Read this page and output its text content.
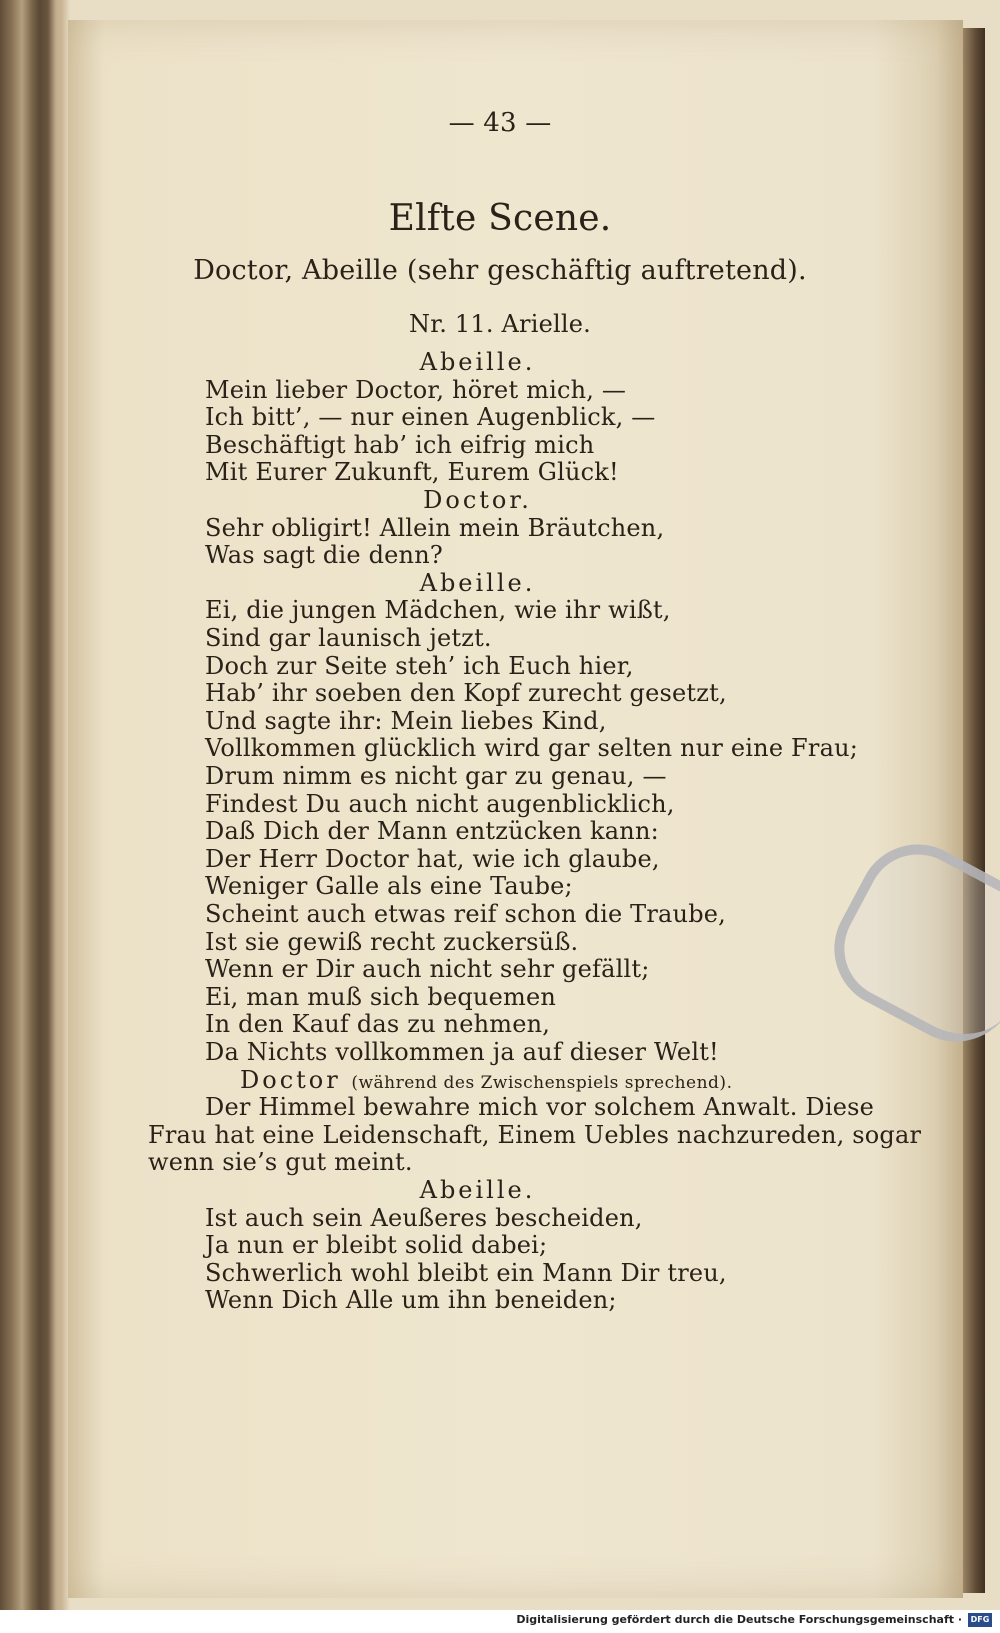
— 43 —
Elfte Scene.
Doctor, Abeille (sehr geschäftig auftretend).
Nr. 11. Arielle.
Abeille.
Mein lieber Doctor, höret mich, —
Ich bitt’, — nur einen Augenblick, —
Beschäftigt hab’ ich eifrig mich
Mit Eurer Zukunft, Eurem Glück!
Doctor.
Sehr obligirt! Allein mein Bräutchen,
Was sagt die denn?
Abeille.
Ei, die jungen Mädchen, wie ihr wißt,
Sind gar launisch jetzt.
Doch zur Seite steh’ ich Euch hier,
Hab’ ihr soeben den Kopf zurecht gesetzt,
Und sagte ihr: Mein liebes Kind,
Vollkommen glücklich wird gar selten nur eine Frau;
Drum nimm es nicht gar zu genau, —
Findest Du auch nicht augenblicklich,
Daß Dich der Mann entzücken kann:
Der Herr Doctor hat, wie ich glaube,
Weniger Galle als eine Taube;
Scheint auch etwas reif schon die Traube,
Ist sie gewiß recht zuckersüß.
Wenn er Dir auch nicht sehr gefällt;
Ei, man muß sich bequemen
In den Kauf das zu nehmen,
Da Nichts vollkommen ja auf dieser Welt!
Doctor (während des Zwischenspiels sprechend).
Der Himmel bewahre mich vor solchem Anwalt. Diese
Frau hat eine Leidenschaft, Einem Uebles nachzureden, sogar
wenn sie’s gut meint.
Abeille.
Ist auch sein Aeußeres bescheiden,
Ja nun er bleibt solid dabei;
Schwerlich wohl bleibt ein Mann Dir treu,
Wenn Dich Alle um ihn beneiden;
Digitalisierung gefördert durch die Deutsche Forschungsgemeinschaft ·	DFG
